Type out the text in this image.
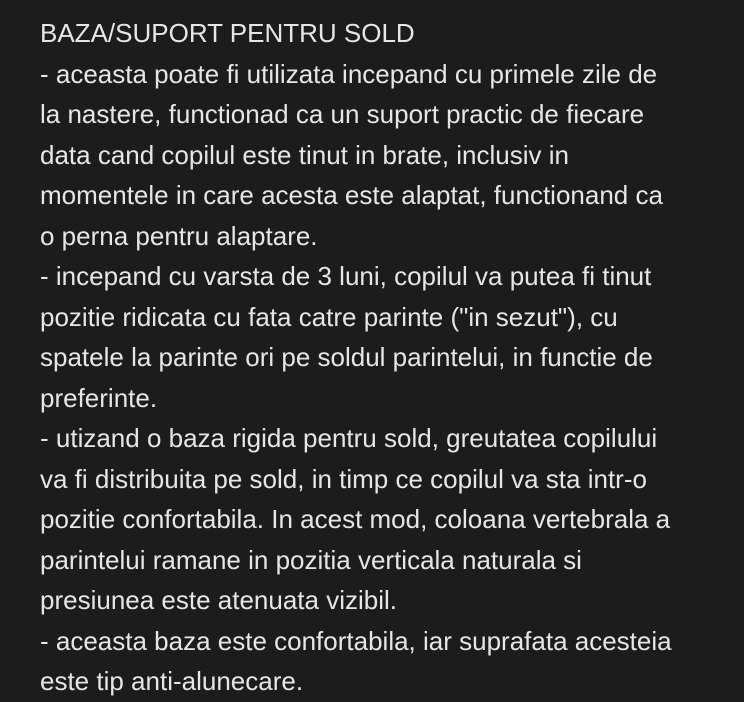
BAZA/SUPORT PENTRU SOLD
- aceasta poate fi utilizata incepand cu primele zile de
la nastere, functionad ca un suport practic de fiecare
data cand copilul este tinut in brate, inclusiv in
momentele in care acesta este alaptat, functionand ca
o perna pentru alaptare.
- incepand cu varsta de 3 luni, copilul va putea fi tinut
pozitie ridicata cu fata catre parinte ("in sezut"), cu
spatele la parinte ori pe soldul parintelui, in functie de
preferinte.
- utizand o baza rigida pentru sold, greutatea copilului
va fi distribuita pe sold, in timp ce copilul va sta intr-o
pozitie confortabila. In acest mod, coloana vertebrala a
parintelui ramane in pozitia verticala naturala si
presiunea este atenuata vizibil.
- aceasta baza este confortabila, iar suprafata acesteia
este tip anti-alunecare.
